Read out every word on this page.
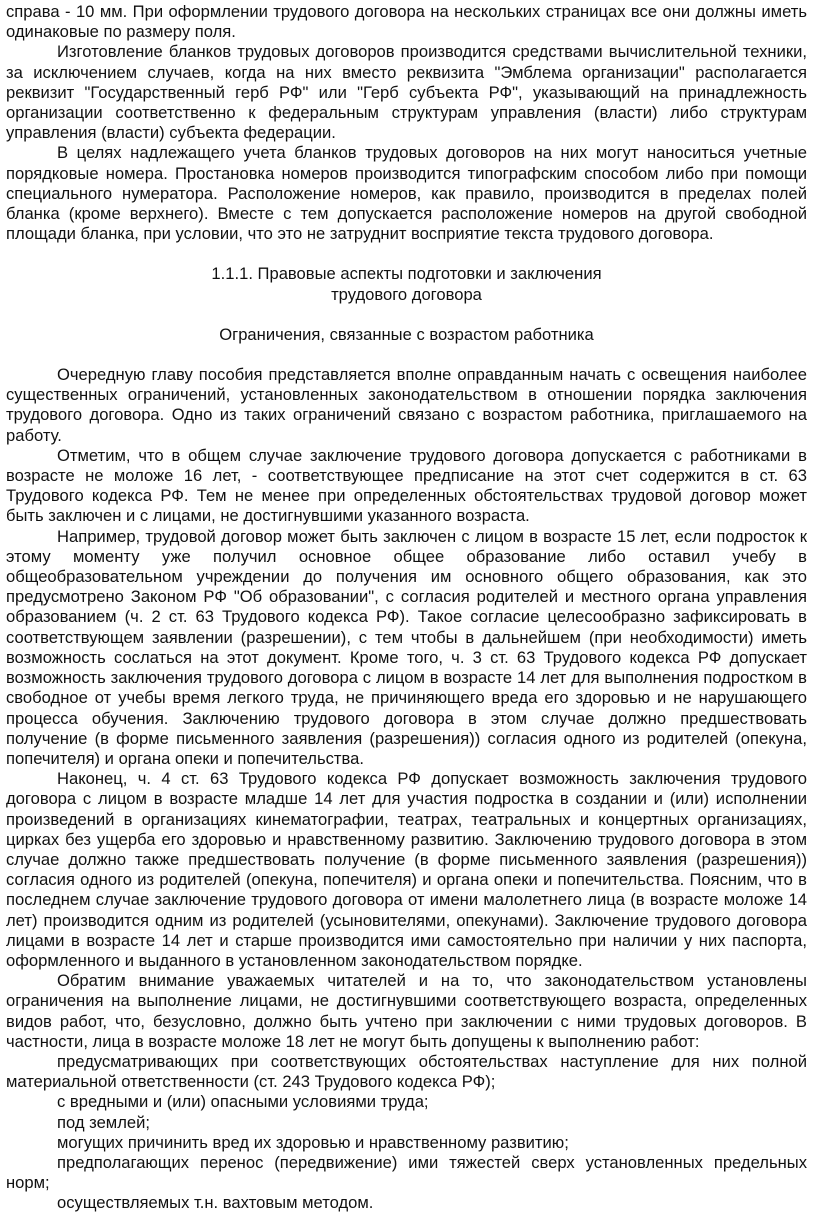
справа - 10 мм. При оформлении трудового договора на нескольких страницах все они должны иметь одинаковые по размеру поля.

Изготовление бланков трудовых договоров производится средствами вычислительной техники, за исключением случаев, когда на них вместо реквизита "Эмблема организации" располагается реквизит "Государственный герб РФ" или "Герб субъекта РФ", указывающий на принадлежность организации соответственно к федеральным структурам управления (власти) либо структурам управления (власти) субъекта федерации.

В целях надлежащего учета бланков трудовых договоров на них могут наноситься учетные порядковые номера. Простановка номеров производится типографским способом либо при помощи специального нумератора. Расположение номеров, как правило, производится в пределах полей бланка (кроме верхнего). Вместе с тем допускается расположение номеров на другой свободной площади бланка, при условии, что это не затруднит восприятие текста трудового договора.

1.1.1. Правовые аспекты подготовки и заключения

трудового договора

Ограничения, связанные с возрастом работника

Очередную главу пособия представляется вполне оправданным начать с освещения наиболее существенных ограничений, установленных законодательством в отношении порядка заключения трудового договора. Одно из таких ограничений связано с возрастом работника, приглашаемого на работу.

Отметим, что в общем случае заключение трудового договора допускается с работниками в возрасте не моложе 16 лет, - соответствующее предписание на этот счет содержится в ст. 63 Трудового кодекса РФ. Тем не менее при определенных обстоятельствах трудовой договор может быть заключен и с лицами, не достигнувшими указанного возраста.

Например, трудовой договор может быть заключен с лицом в возрасте 15 лет, если подросток к этому моменту уже получил основное общее образование либо оставил учебу в общеобразовательном учреждении до получения им основного общего образования, как это предусмотрено Законом РФ "Об образовании", с согласия родителей и местного органа управления образованием (ч. 2 ст. 63 Трудового кодекса РФ). Такое согласие целесообразно зафиксировать в соответствующем заявлении (разрешении), с тем чтобы в дальнейшем (при необходимости) иметь возможность сослаться на этот документ. Кроме того, ч. 3 ст. 63 Трудового кодекса РФ допускает возможность заключения трудового договора с лицом в возрасте 14 лет для выполнения подростком в свободное от учебы время легкого труда, не причиняющего вреда его здоровью и не нарушающего процесса обучения. Заключению трудового договора в этом случае должно предшествовать получение (в форме письменного заявления (разрешения)) согласия одного из родителей (опекуна, попечителя) и органа опеки и попечительства.

Наконец, ч. 4 ст. 63 Трудового кодекса РФ допускает возможность заключения трудового договора с лицом в возрасте младше 14 лет для участия подростка в создании и (или) исполнении произведений в организациях кинематографии, театрах, театральных и концертных организациях, цирках без ущерба его здоровью и нравственному развитию. Заключению трудового договора в этом случае должно также предшествовать получение (в форме письменного заявления (разрешения)) согласия одного из родителей (опекуна, попечителя) и органа опеки и попечительства. Поясним, что в последнем случае заключение трудового договора от имени малолетнего лица (в возрасте моложе 14 лет) производится одним из родителей (усыновителями, опекунами). Заключение трудового договора лицами в возрасте 14 лет и старше производится ими самостоятельно при наличии у них паспорта, оформленного и выданного в установленном законодательством порядке.

Обратим внимание уважаемых читателей и на то, что законодательством установлены ограничения на выполнение лицами, не достигнувшими соответствующего возраста, определенных видов работ, что, безусловно, должно быть учтено при заключении с ними трудовых договоров. В частности, лица в возрасте моложе 18 лет не могут быть допущены к выполнению работ:

предусматривающих при соответствующих обстоятельствах наступление для них полной материальной ответственности (ст. 243 Трудового кодекса РФ);

с вредными и (или) опасными условиями труда;

под землей;

могущих причинить вред их здоровью и нравственному развитию;

предполагающих перенос (передвижение) ими тяжестей сверх установленных предельных норм;

осуществляемых т.н. вахтовым методом.
